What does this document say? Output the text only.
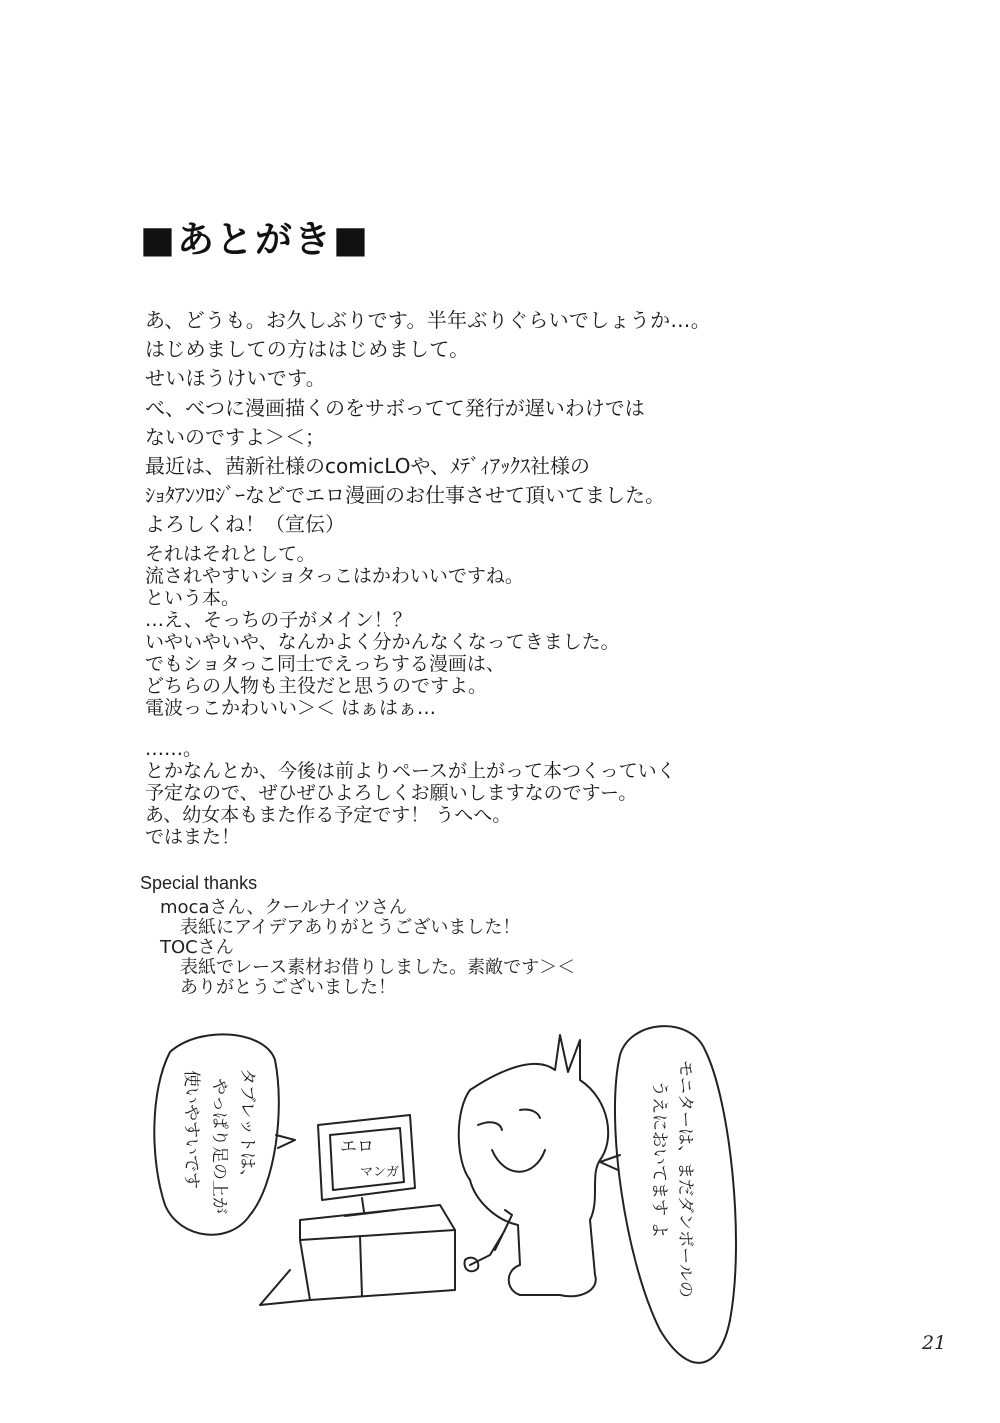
■あとがき■
あ、どうも。お久しぶりです。半年ぶりぐらいでしょうか…。
はじめましての方ははじめまして。
せいほうけいです。
べ、べつに漫画描くのをサボってて発行が遅いわけでは
ないのですよ＞＜；
最近は、茜新社様のcomicLOや、ﾒﾃﾞｨｱｯｸｽ社様の
ｼｮﾀｱﾝｿﾛｼﾞｰなどでエロ漫画のお仕事させて頂いてました。
よろしくね！（宣伝）
それはそれとして。
流されやすいショタっこはかわいいですね。
という本。
…え、そっちの子がメイン！？
いやいやいや、なんかよく分かんなくなってきました。
でもショタっこ同士でえっちする漫画は、
どちらの人物も主役だと思うのですよ。
電波っこかわいい＞＜ はぁはぁ…
……。
とかなんとか、今後は前よりペースが上がって本つくっていく
予定なので、ぜひぜひよろしくお願いしますなのですー。
あ、幼女本もまた作る予定です！ うへへ。
ではまた！
Special thanks
mocaさん、クールナイツさん
表紙にアイデアありがとうございました！
TOCさん
表紙でレース素材お借りしました。素敵です＞＜
ありがとうございました！
タブレットは、
やっぱり足の上が
使いやすいです	モニターは、まだダンボールの
うえにおいてます よ
エロ
マンガ
21
